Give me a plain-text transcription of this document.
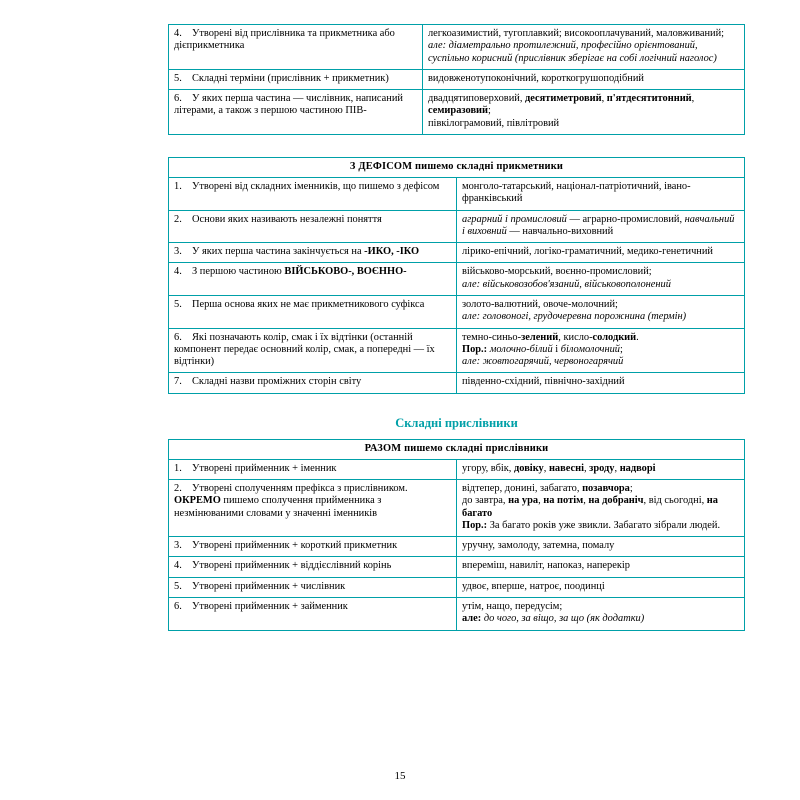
4. Утворені від прислівника та прикметника або дієприкметника	легкоазимистий, тугоплавкий; високооплачуваний, маловживаний;
але: діаметрально протилежний, професійно орієнтований, суспільно корисний (прислівник зберігає на собі логічний наголос)
5. Складні терміни (прислівник + прикметник)	видовженотупоконічний, короткогрушоподібний
6. У яких перша частина — числівник, написаний літерами, а також з першою частиною ПІВ-	двадцятиповерховий, десятиметровий, п'ятдесятитонний, семиразовий;
півкілограмовий, півлітровий
З ДЕФІСОМ пишемо складні прикметники	
1. Утворені від складних іменників, що пишемо з дефісом	монголо-татарський, націонал-патріотичний, івано-франківський
2. Основи яких називають незалежні поняття	аграрний і промисловий — аграрно-промисловий, навчальний і виховний — навчально-виховний
3. У яких перша частина закінчується на -ИКО, -ІКО	лірико-епічний, логіко-граматичний, медико-генетичний
4. З першою частиною ВІЙСЬКОВО-, ВОЄННО-	військово-морський, воєнно-промисловий;
але: військовозобов'язаний, військовополонений
5. Перша основа яких не має прикметникового суфікса	золото-валютний, овоче-молочний;
але: головоногі, грудочеревна порожнина (термін)
6. Які позначають колір, смак і їх відтінки (останній компонент передає основний колір, смак, а попередні — їх відтінки)	темно-синьо-зелений, кисло-солодкий.
Пор.: молочно-білий і біломолочний;
але: жовтогарячий, червоногарячий
7. Складні назви проміжних сторін світу	південно-східний, північно-західний
Складні прислівники
РАЗОМ пишемо складні прислівники	
1. Утворені прийменник + іменник	угору, вбік, довіку, навесні, зроду, надворі
2. Утворені сполученням префікса з прислівником.
ОКРЕМО пишемо сполучення прийменника з незмінюваними словами у значенні іменників	відтепер, донині, забагато, позавчора;
до завтра, на ура, на потім, на добраніч, від сьогодні, на багато
Пор.: За багато років уже звикли. Забагато зібрали людей.
3. Утворені прийменник + короткий прикметник	уручну, замолоду, затемна, помалу
4. Утворені прийменник + віддієслівний корінь	впереміш, навиліт, напоказ, наперекір
5. Утворені прийменник + числівник	удвоє, вперше, натроє, поодинці
6. Утворені прийменник + займенник	утім, нащо, передусім;
але: до чого, за віщо, за що (як додатки)
15
